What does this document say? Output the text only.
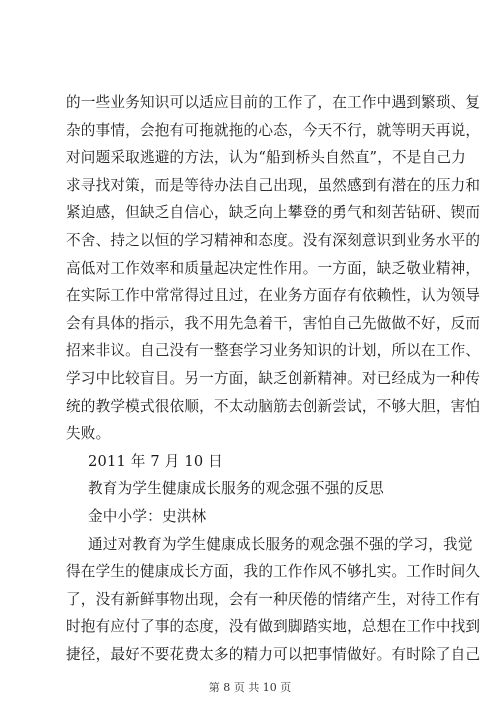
的一些业务知识可以适应目前的工作了，在工作中遇到繁琐、复
杂的事情，会抱有可拖就拖的心态，今天不行，就等明天再说，
对问题采取逃避的方法，认为“船到桥头自然直”，不是自己力
求寻找对策，而是等待办法自己出现，虽然感到有潜在的压力和
紧迫感，但缺乏自信心，缺乏向上攀登的勇气和刻苦钻研、锲而
不舍、持之以恒的学习精神和态度。没有深刻意识到业务水平的
高低对工作效率和质量起决定性作用。一方面，缺乏敬业精神，
在实际工作中常常得过且过，在业务方面存有依赖性，认为领导
会有具体的指示，我不用先急着干，害怕自己先做做不好，反而
招来非议。自己没有一整套学习业务知识的计划，所以在工作、
学习中比较盲目。另一方面，缺乏创新精神。对已经成为一种传
统的教学模式很依顺，不太动脑筋去创新尝试，不够大胆，害怕
失败。
2011 年 7 月 10 日
教育为学生健康成长服务的观念强不强的反思
金中小学：史洪林
通过对教育为学生健康成长服务的观念强不强的学习，我觉
得在学生的健康成长方面，我的工作作风不够扎实。工作时间久
了，没有新鲜事物出现，会有一种厌倦的情绪产生，对待工作有
时抱有应付了事的态度，没有做到脚踏实地，总想在工作中找到
捷径，最好不要花费太多的精力可以把事情做好。有时除了自己
第 8 页 共 10 页
